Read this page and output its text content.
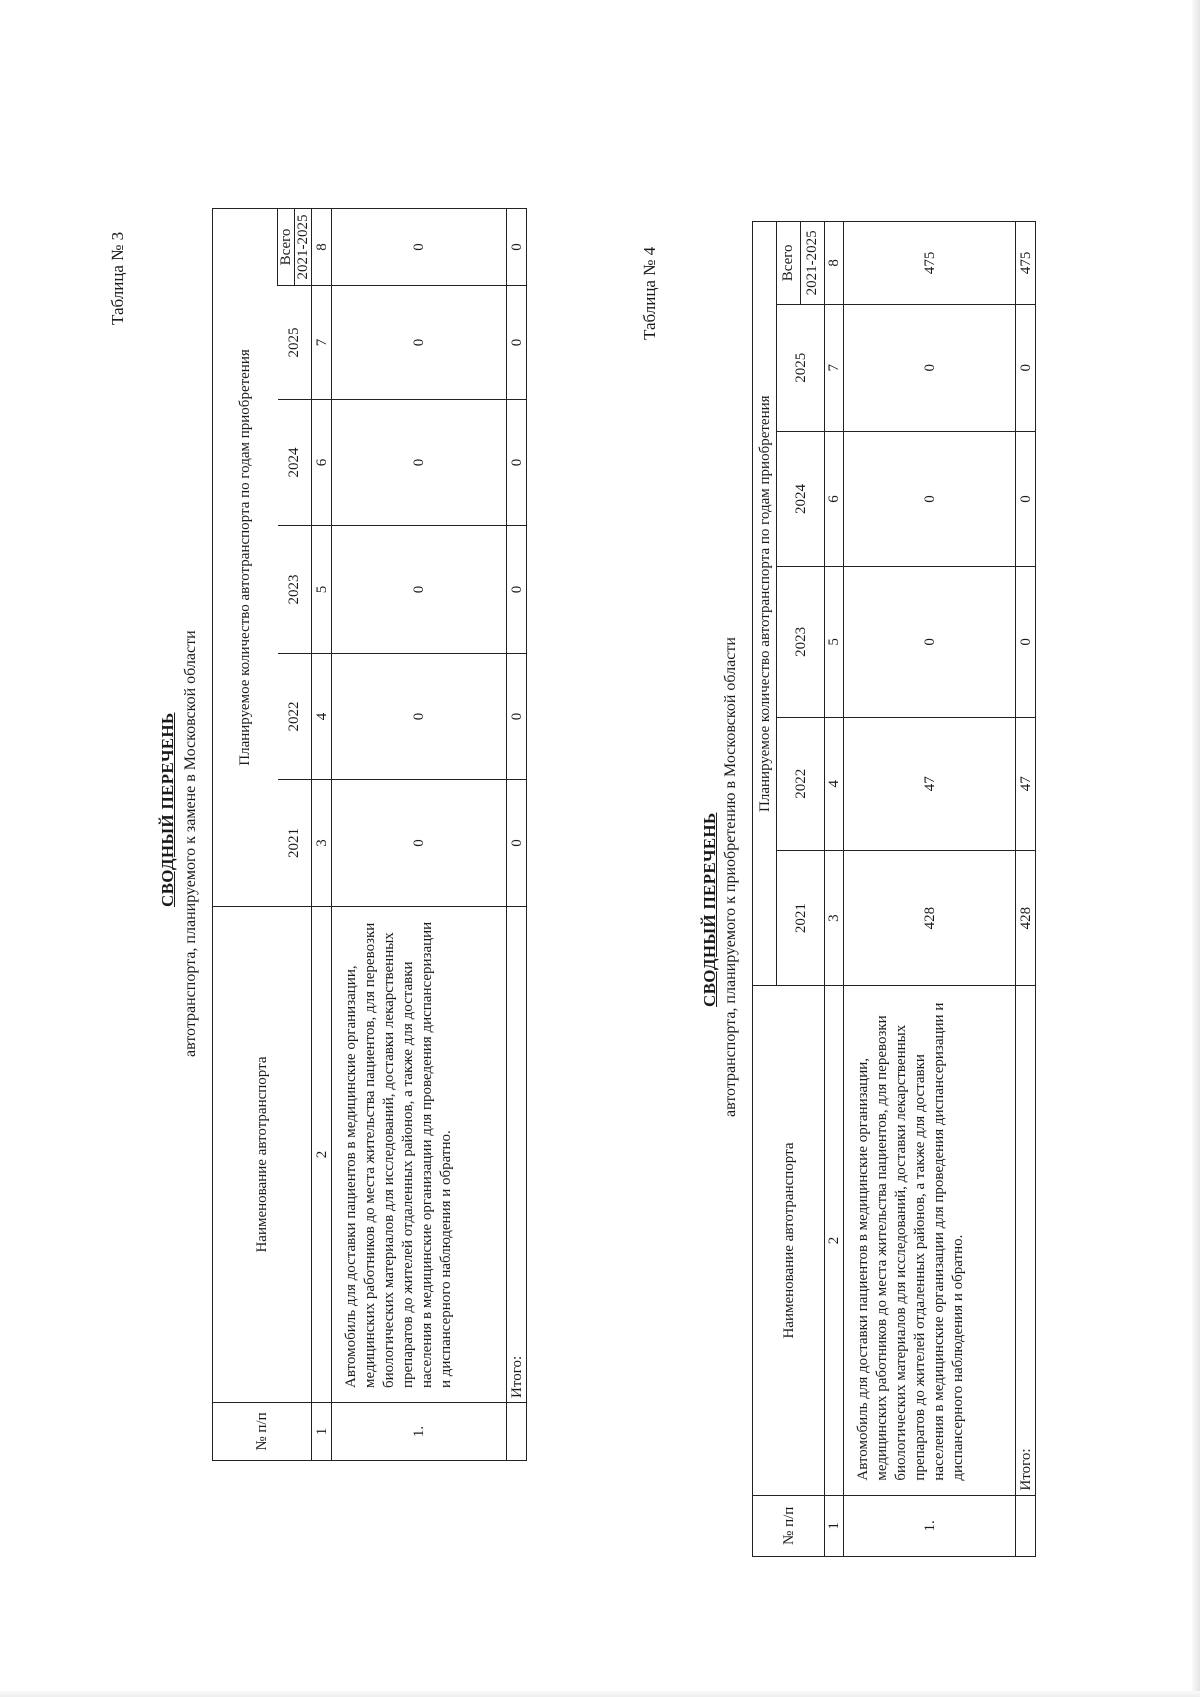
Таблица № 3
СВОДНЫЙ ПЕРЕЧЕНЬ автотранспорта, планируемого к замене в Московской области
№ п/п	Наименование автотранспорта	Планируемое количество автотранспорта по годам приобретения					
		2021	2022	2023	2024	2025	Всего 2021-2025

1	2	3	4	5	6	7	8
1.	Автомобиль для доставки пациентов в медицинские организации, медицинских работников до места жительства пациентов, для перевозки биологических материалов для исследований, доставки лекарственных препаратов до жителей отдаленных районов, а также для доставки населения в медицинские организации для проведения диспансеризации и диспансерного наблюдения и обратно.	0	0	0	0	0	0
	Итого:	0	0	0	0	0	0	Таблица № 4
СВОДНЫЙ ПЕРЕЧЕНЬ автотранспорта, планируемого к приобретению в Московской области
№ п/п	Наименование автотранспорта	Планируемое количество автотранспорта по годам приобретения					
		2021	2022	2023	2024	2025	Всего 2021-2025

1	2	3	4	5	6	7	8
1.	Автомобиль для доставки пациентов в медицинские организации, медицинских работников до места жительства пациентов, для перевозки биологических материалов для исследований, доставки лекарственных препаратов до жителей отдаленных районов, а также для доставки населения в медицинские организации для проведения диспансеризации и диспансерного наблюдения и обратно.	428	47	0	0	0	475
	Итого:	428	47	0	0	0	475
